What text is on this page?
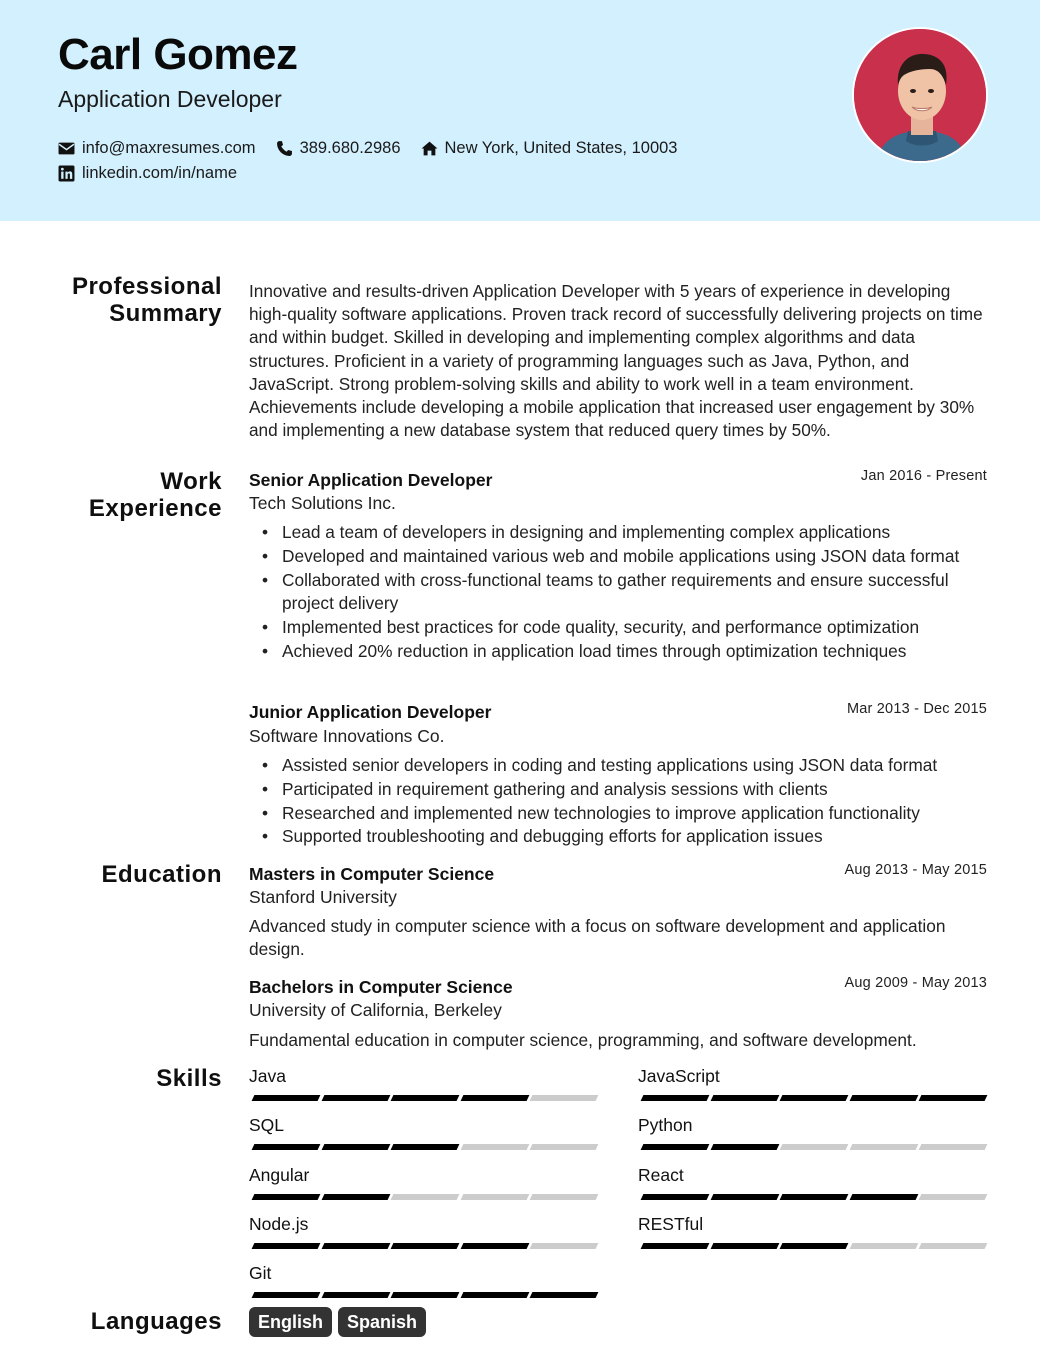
Carl Gomez
Application Developer
info@maxresumes.com	389.680.2986	New York, United States, 10003
linkedin.com/in/name
Professional
Summary
Work
Experience
Education
Skills
Languages
Innovative and results-driven Application Developer with 5 years of experience in developing high-quality software applications. Proven track record of successfully delivering projects on time and within budget. Skilled in developing and implementing complex algorithms and data structures. Proficient in a variety of programming languages such as Java, Python, and JavaScript. Strong problem-solving skills and ability to work well in a team environment. Achievements include developing a mobile application that increased user engagement by 30% and implementing a new database system that reduced query times by 50%.
Senior Application Developer	Jan 2016 - Present
Tech Solutions Inc.
• Lead a team of developers in designing and implementing complex applications
• Developed and maintained various web and mobile applications using JSON data format
• Collaborated with cross-functional teams to gather requirements and ensure successful project delivery
• Implemented best practices for code quality, security, and performance optimization
• Achieved 20% reduction in application load times through optimization techniques
Junior Application Developer	Mar 2013 - Dec 2015
Software Innovations Co.
• Assisted senior developers in coding and testing applications using JSON data format
• Participated in requirement gathering and analysis sessions with clients
• Researched and implemented new technologies to improve application functionality
• Supported troubleshooting and debugging efforts for application issues
Masters in Computer Science	Aug 2013 - May 2015
Stanford University
Advanced study in computer science with a focus on software development and application design.
Bachelors in Computer Science	Aug 2009 - May 2013
University of California, Berkeley
Fundamental education in computer science, programming, and software development.
Java	JavaScript
SQL	Python
Angular	React
Node.js	RESTful
Git
English	Spanish
